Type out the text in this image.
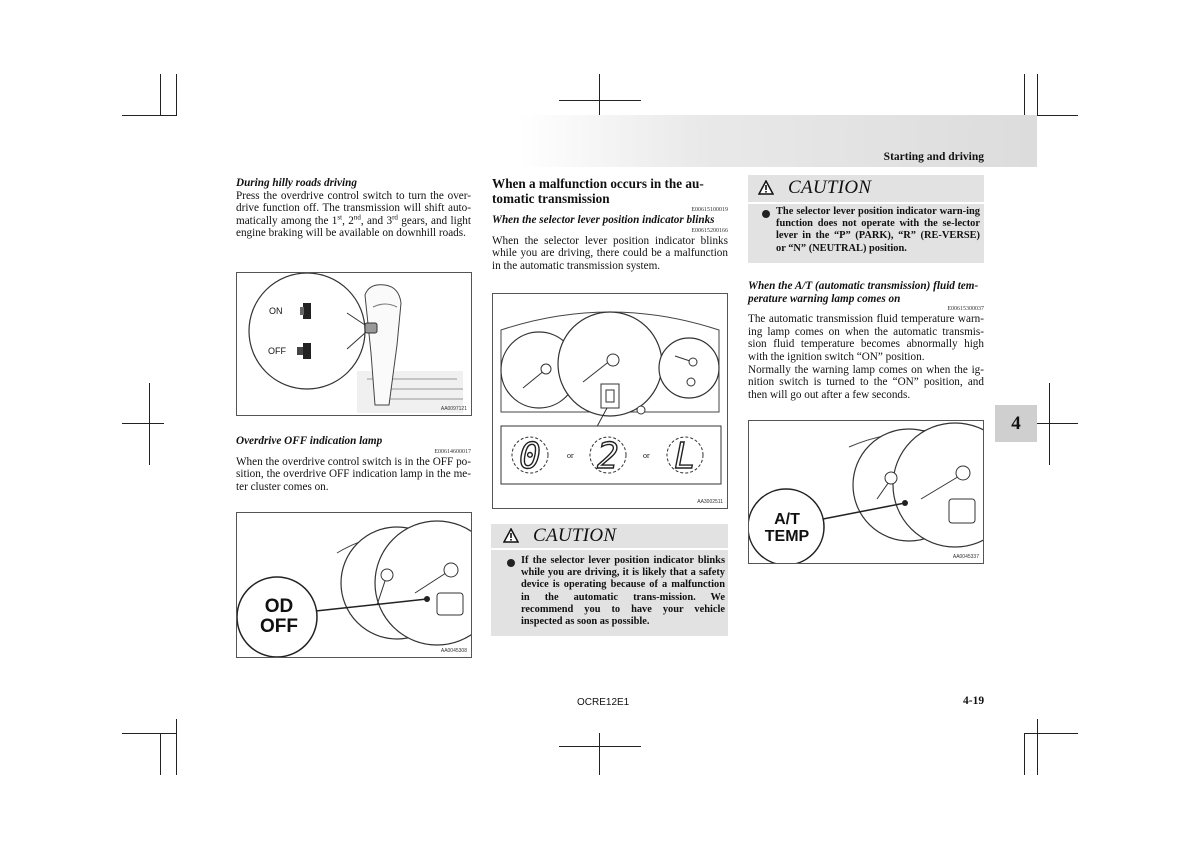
Starting and driving
During hilly roads driving
Press the overdrive control switch to turn the over-drive function off. The transmission will shift auto-matically among the 1st, 2nd, and 3rd gears, and light engine braking will be available on downhill roads.
ON
OFF
AA0097121
Overdrive OFF indication lamp
E00614600017
When the overdrive control switch is in the OFF po-sition, the overdrive OFF indication lamp in the me-ter cluster comes on.
OD
OFF
AA0045308
When a malfunction occurs in the au-tomatic transmission
E00615100019
When the selector lever position indicator blinks
E00615200166
When the selector lever position indicator blinks while you are driving, there could be a malfunction in the automatic transmission system.
0 2 L
or	or
AA3002511
CAUTION
If the selector lever position indicator blinks while you are driving, it is likely that a safety device is operating because of a malfunction in the automatic trans-mission. We recommend you to have your vehicle inspected as soon as possible.
CAUTION
The selector lever position indicator warn-ing function does not operate with the se-lector lever in the “P” (PARK), “R” (RE-VERSE) or “N” (NEUTRAL) position.
When the A/T (automatic transmission) fluid tem-perature warning lamp comes on
E00615300037
The automatic transmission fluid temperature warn-ing lamp comes on when the automatic transmis-sion fluid temperature becomes abnormally high with the ignition switch “ON” position.
Normally the warning lamp comes on when the ig-nition switch is turned to the “ON” position, and then will go out after a few seconds.
A/T
TEMP
AA0045337
4
OCRE12E1	4-19
